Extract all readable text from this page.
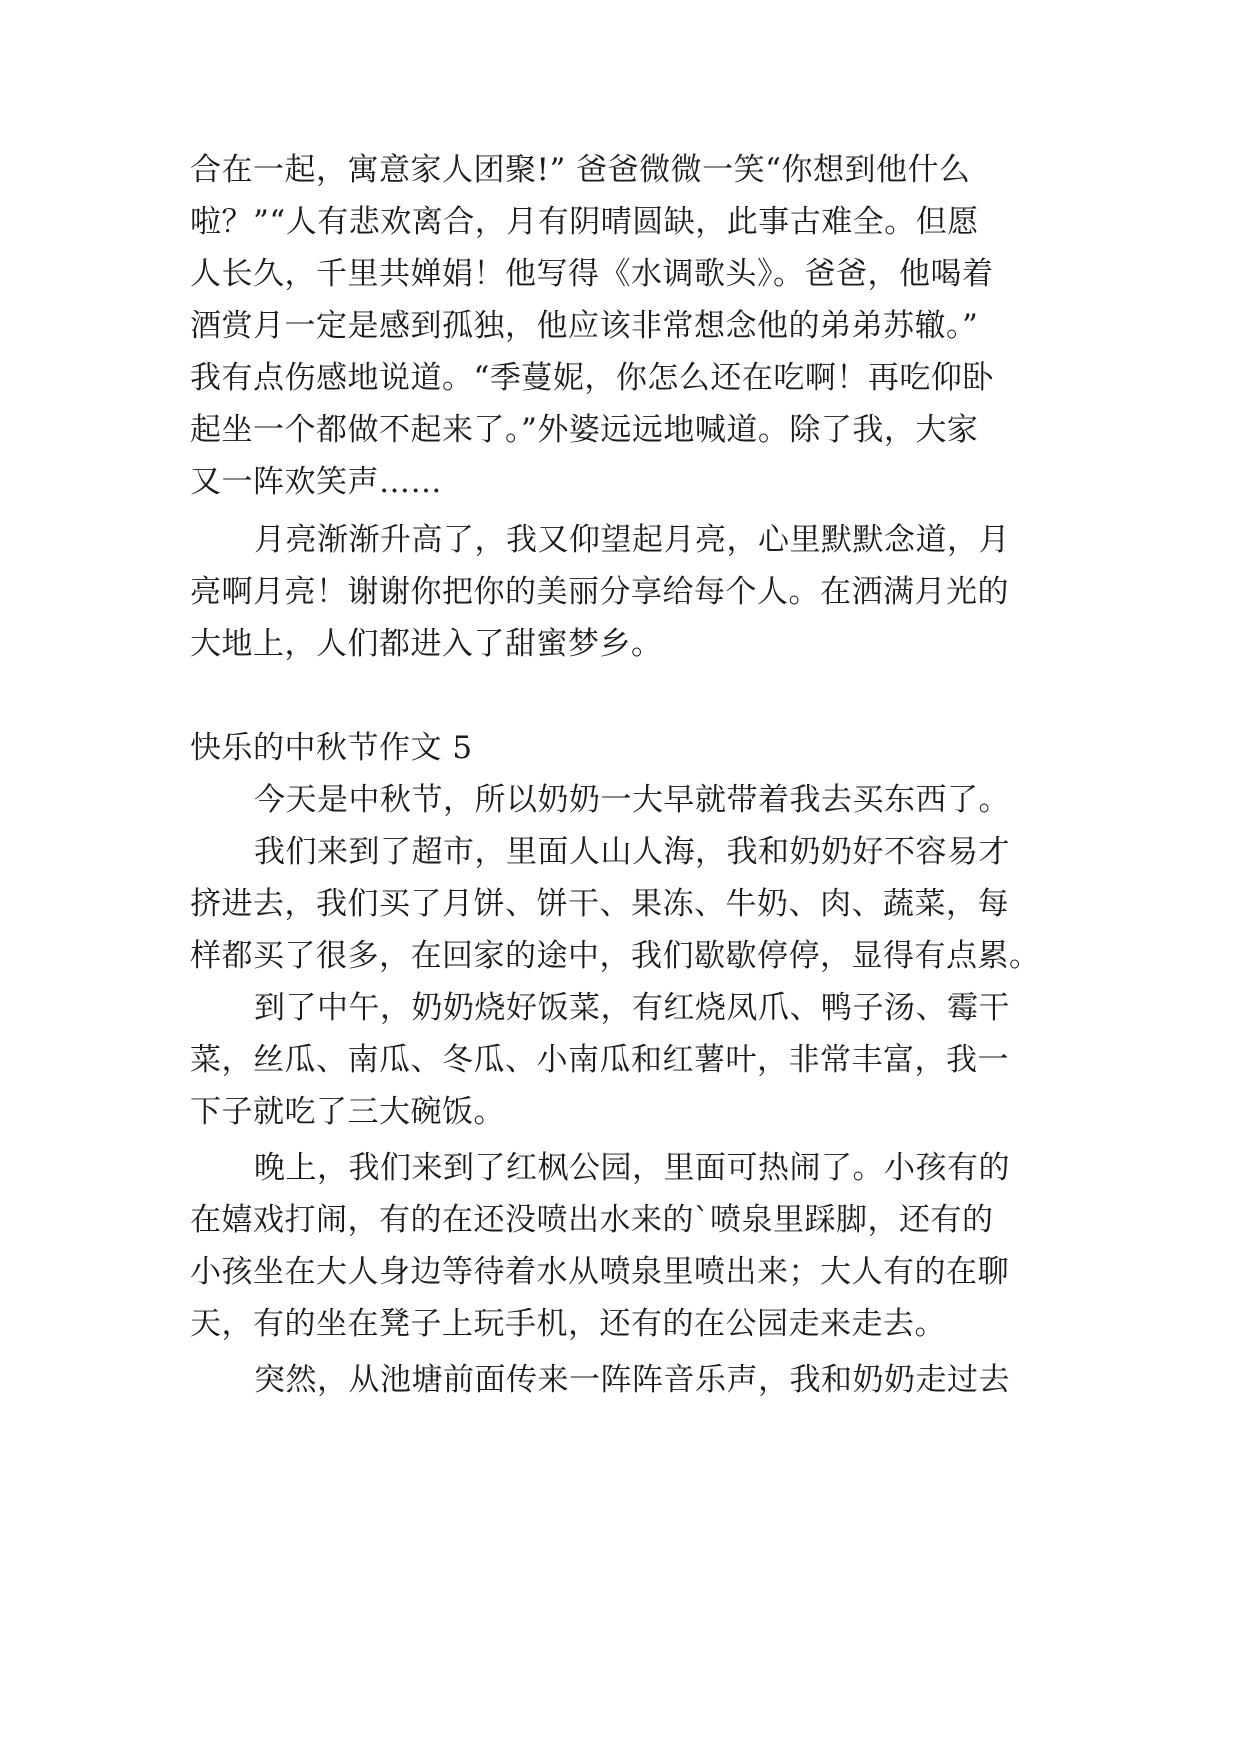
合在一起，寓意家人团聚!” 爸爸微微一笑“你想到他什么
啦？”“人有悲欢离合，月有阴晴圆缺，此事古难全。但愿
人长久，千里共婵娟！他写得《水调歌头》。爸爸，他喝着
酒赏月一定是感到孤独，他应该非常想念他的弟弟苏辙。”
我有点伤感地说道。“季蔓妮，你怎么还在吃啊！再吃仰卧
起坐一个都做不起来了。”外婆远远地喊道。除了我，大家
又一阵欢笑声……
月亮渐渐升高了，我又仰望起月亮，心里默默念道，月
亮啊月亮！谢谢你把你的美丽分享给每个人。在洒满月光的
大地上，人们都进入了甜蜜梦乡。
快乐的中秋节作文 5
今天是中秋节，所以奶奶一大早就带着我去买东西了。
我们来到了超市，里面人山人海，我和奶奶好不容易才
挤进去，我们买了月饼、饼干、果冻、牛奶、肉、蔬菜，每
样都买了很多，在回家的途中，我们歇歇停停，显得有点累。
到了中午，奶奶烧好饭菜，有红烧凤爪、鸭子汤、霉干
菜，丝瓜、南瓜、冬瓜、小南瓜和红薯叶，非常丰富，我一
下子就吃了三大碗饭。
晚上，我们来到了红枫公园，里面可热闹了。小孩有的
在嬉戏打闹，有的在还没喷出水来的`喷泉里踩脚，还有的
小孩坐在大人身边等待着水从喷泉里喷出来；大人有的在聊
天，有的坐在凳子上玩手机，还有的在公园走来走去。
突然，从池塘前面传来一阵阵音乐声，我和奶奶走过去
